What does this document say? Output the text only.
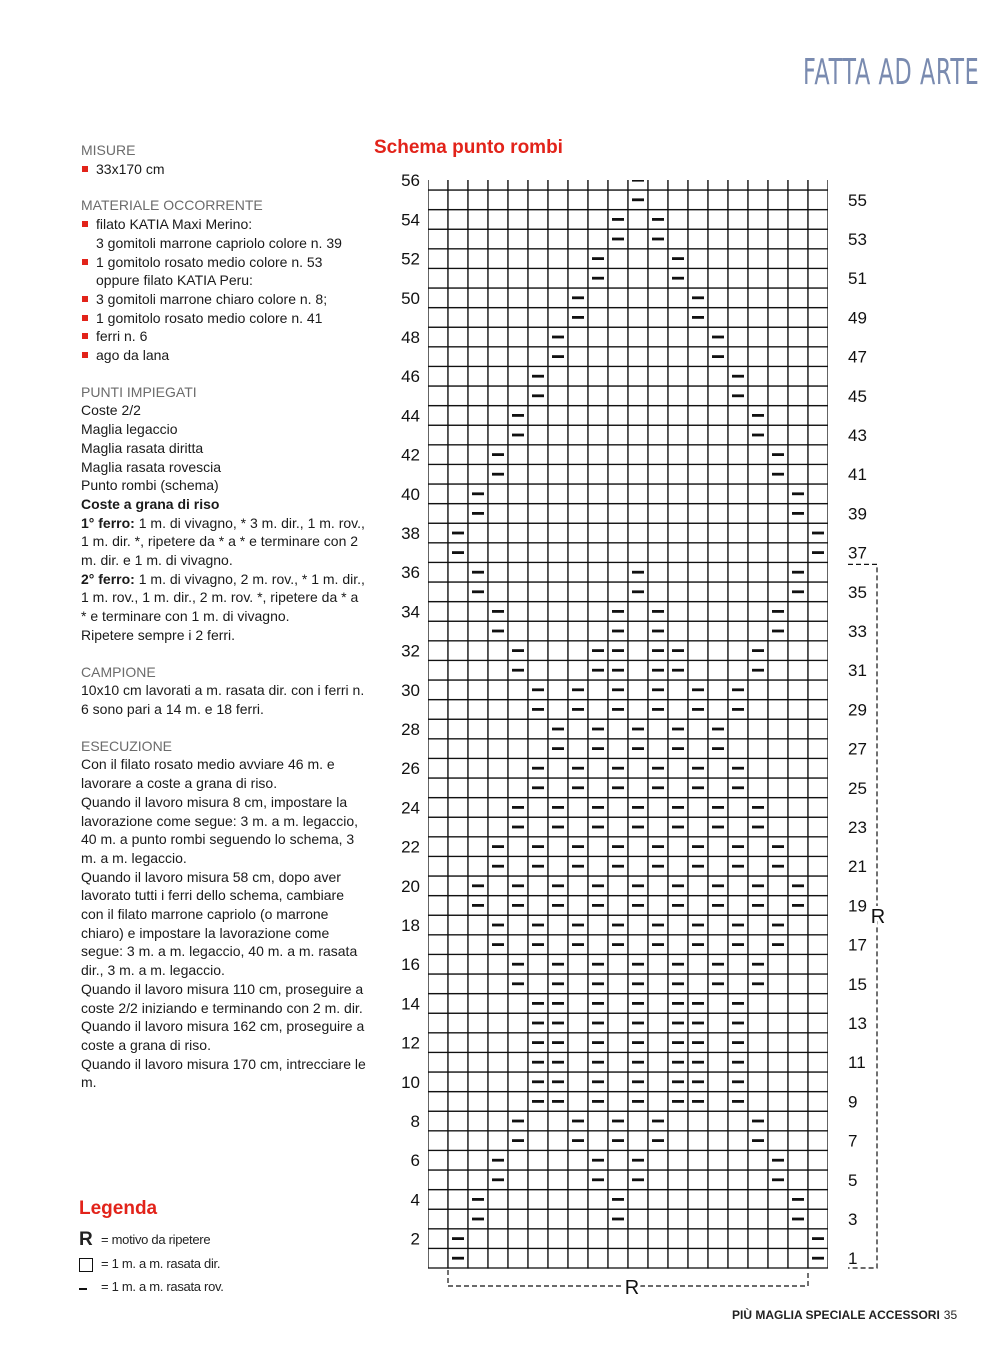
FATTA AD ARTE

MISURE

33x170 cm

MATERIALE OCCORRENTE

filato KATIA Maxi Merino:
3 gomitoli marrone capriolo colore n. 39
1 gomitolo rosato medio colore n. 53
oppure filato KATIA Peru:
3 gomitoli marrone chiaro colore n. 8;
1 gomitolo rosato medio colore n. 41
ferri n. 6
ago da lana

PUNTI IMPIEGATI

Coste 2/2
Maglia legaccio
Maglia rasata diritta
Maglia rasata rovescia
Punto rombi (schema)
Coste a grana di riso
1° ferro: 1 m. di vivagno, * 3 m. dir., 1 m. rov., 1 m. dir. *, ripetere da * a * e terminare con 2 m. dir. e 1 m. di vivagno.
2° ferro: 1 m. di vivagno, 2 m. rov., * 1 m. dir., 1 m. rov., 1 m. dir., 2 m. rov. *, ripetere da * a * e terminare con 1 m. di vivagno.
Ripetere sempre i 2 ferri.

CAMPIONE

10x10 cm lavorati a m. rasata dir. con i ferri n. 6 sono pari a 14 m. e 18 ferri.

ESECUZIONE

Con il filato rosato medio avviare 46 m. e lavorare a coste a grana di riso.
Quando il lavoro misura 8 cm, impostare la lavorazione come segue: 3 m. a m. legaccio, 40 m. a punto rombi seguendo lo schema, 3 m. a m. legaccio.
Quando il lavoro misura 58 cm, dopo aver lavorato tutti i ferri dello schema, cambiare con il filato marrone capriolo (o marrone chiaro) e impostare la lavorazione come segue: 3 m. a m. legaccio, 40 m. a m. rasata dir., 3 m. a m. legaccio.
Quando il lavoro misura 110 cm, proseguire a coste 2/2 iniziando e terminando con 2 m. dir.
Quando il lavoro misura 162 cm, proseguire a coste a grana di riso.
Quando il lavoro misura 170 cm, intrecciare le m.

Legenda

R = motivo da ripetere
= 1 m. a m. rasata dir.
= 1 m. a m. rasata rov.
Schema punto rombi
1
3
5
7
9
11
13
15
17
19
21
23
25
27
29
31
33
35
37
39
41
43
45
47
49
51
53
55
2
4
6
8
10
12
14
16
18
20
22
24
26
28
30
32
34
36
38
40
42
44
46
48
50
52
54
56
R
R
PIÙ MAGLIA SPECIALE ACCESSORI 35
